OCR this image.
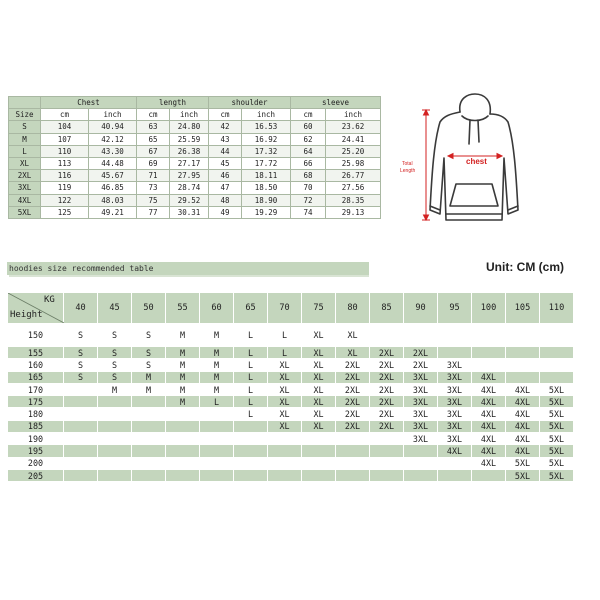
	Chest		length		shoulder		sleeve	
Size	cm	inch	cm	inch	cm	inch	cm	inch
S	104	40.94	63	24.80	42	16.53	60	23.62
M	107	42.12	65	25.59	43	16.92	62	24.41
L	110	43.30	67	26.38	44	17.32	64	25.20
XL	113	44.48	69	27.17	45	17.72	66	25.98
2XL	116	45.67	71	27.95	46	18.11	68	26.77
3XL	119	46.85	73	28.74	47	18.50	70	27.56
4XL	122	48.03	75	29.52	48	18.90	72	28.35
5XL	125	49.21	77	30.31	49	19.29	74	29.13
chest
Total
Length
hoodies size recommended table	Unit: CM (cm)
KG
Height	40	45	50	55	60	65	70	75	80	85	90	95	100	105	110
150	S	S	S	M	M	L	L	XL	XL						
155	S	S	S	M	M	L	L	XL	XL	2XL	2XL				
160	S	S	S	M	M	L	XL	XL	2XL	2XL	2XL	3XL			
165	S	S	M	M	M	L	XL	XL	2XL	2XL	3XL	3XL	4XL		
170		M	M	M	M	L	XL	XL	2XL	2XL	3XL	3XL	4XL	4XL	5XL
175				M	L	L	XL	XL	2XL	2XL	3XL	3XL	4XL	4XL	5XL
180						L	XL	XL	2XL	2XL	3XL	3XL	4XL	4XL	5XL
185							XL	XL	2XL	2XL	3XL	3XL	4XL	4XL	5XL
190											3XL	3XL	4XL	4XL	5XL
195												4XL	4XL	4XL	5XL
200													4XL	5XL	5XL
205														5XL	5XL
